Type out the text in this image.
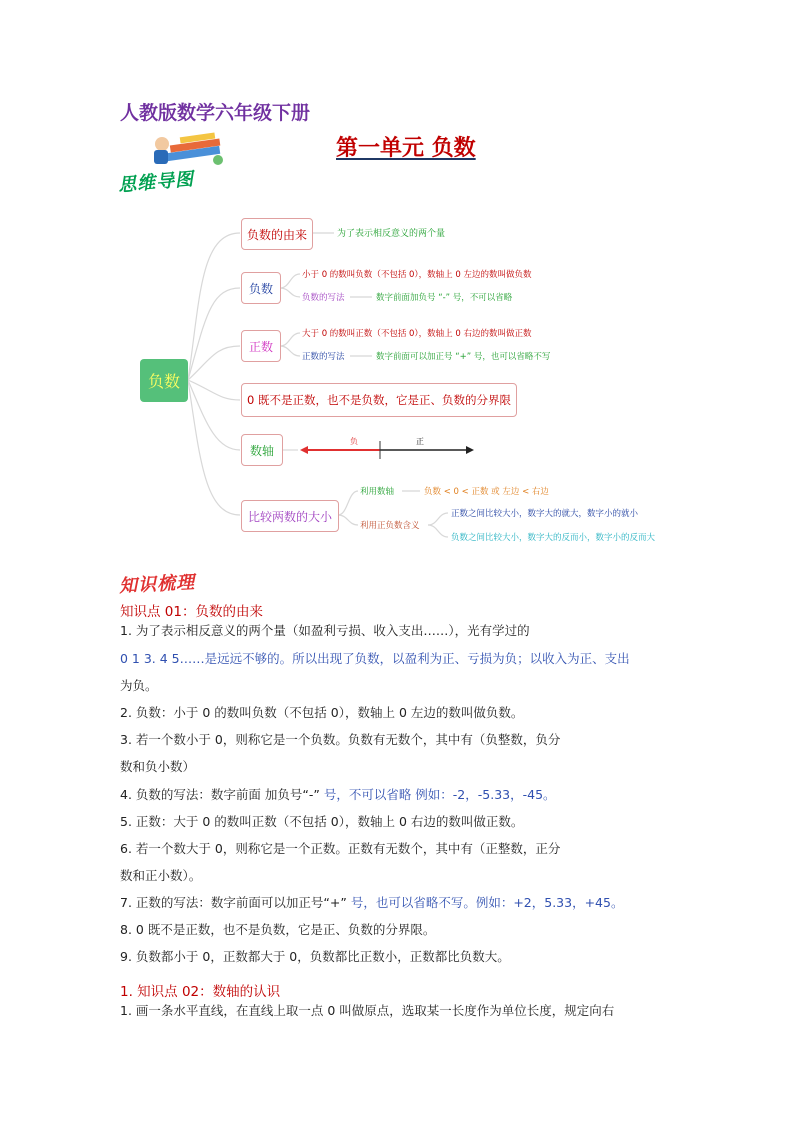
人教版数学六年级下册
第一单元 负数
思维导图
负数
负数的由来	为了表示相反意义的两个量
负数
小于 0 的数叫负数（不包括 0），数轴上 0 左边的数叫做负数
负数的写法	数字前面加负号 “-” 号，不可以省略
正数
大于 0 的数叫正数（不包括 0），数轴上 0 右边的数叫做正数
正数的写法	数字前面可以加正号 “+” 号，也可以省略不写
0 既不是正数，也不是负数，它是正、负数的分界限
数轴
负	正
比较两数的大小
利用数轴	负数 < 0 < 正数 或 左边 < 右边
利用正负数含义
正数之间比较大小，数字大的就大，数字小的就小
负数之间比较大小，数字大的反而小，数字小的反而大
知识梳理
知识点 01：负数的由来
1. 为了表示相反意义的两个量（如盈利亏损、收入支出……），光有学过的
0 1 3. 4 5……是远远不够的。所以出现了负数，以盈利为正、亏损为负；以收入为正、支出
为负。
2. 负数：小于 0 的数叫负数（不包括 0），数轴上 0 左边的数叫做负数。
3. 若一个数小于 0，则称它是一个负数。负数有无数个，其中有（负整数，负分
数和负小数）
4. 负数的写法：数字前面 加负号“-” 号，不可以省略 例如：-2，-5.33，-45。
5. 正数：大于 0 的数叫正数（不包括 0），数轴上 0 右边的数叫做正数。
6. 若一个数大于 0，则称它是一个正数。正数有无数个，其中有（正整数，正分
数和正小数）。
7. 正数的写法：数字前面可以加正号“+” 号，也可以省略不写。例如：+2，5.33，+45。
8. 0 既不是正数，也不是负数，它是正、负数的分界限。
9. 负数都小于 0，正数都大于 0，负数都比正数小，正数都比负数大。
1. 知识点 02：数轴的认识
1. 画一条水平直线，在直线上取一点 0 叫做原点，选取某一长度作为单位长度，规定向右
